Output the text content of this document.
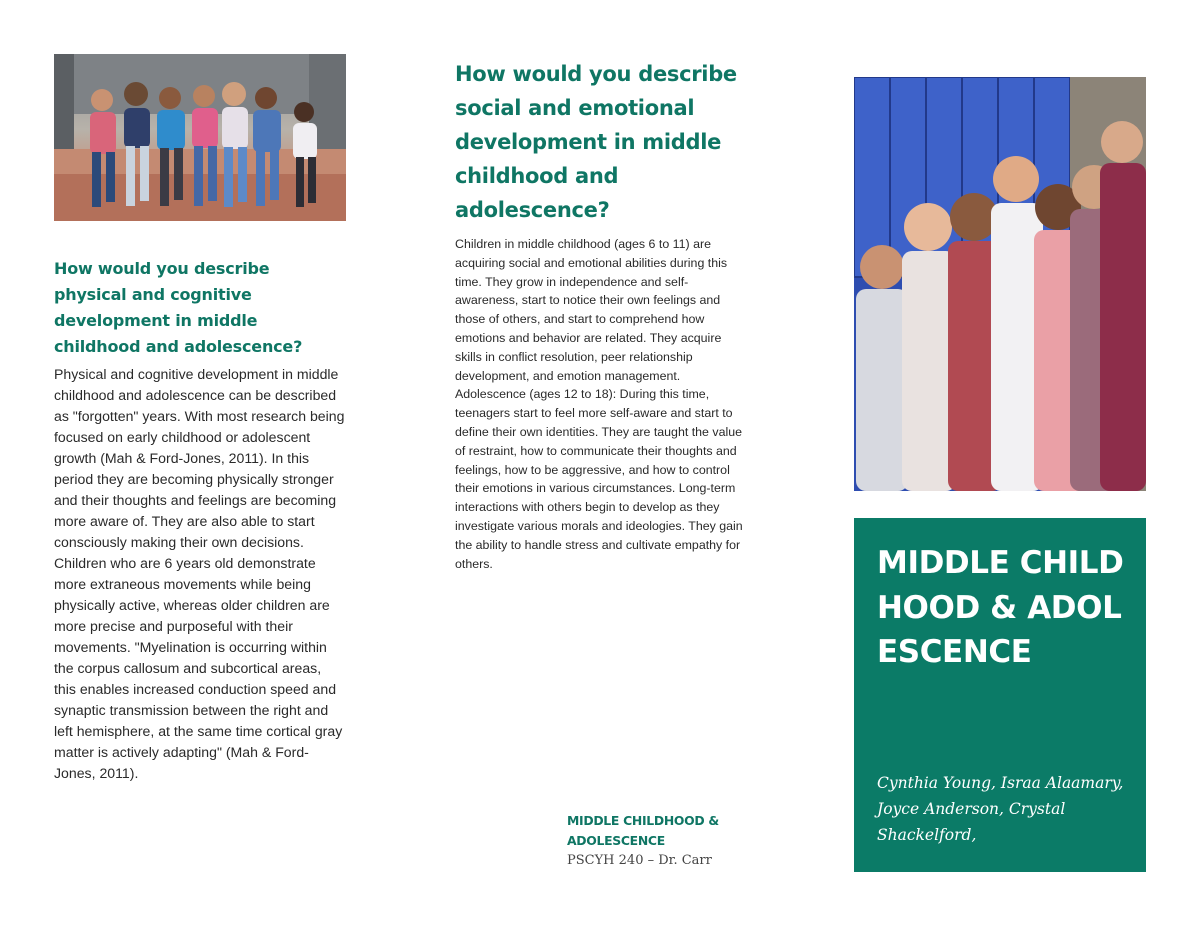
How would you describe physical and cognitive development in middle childhood and adolescence?
Physical and cognitive development in middle childhood and adolescence can be described as "forgotten" years. With most research being focused on early childhood or adolescent growth (Mah & Ford-Jones, 2011). In this period they are becoming physically stronger and their thoughts and feelings are becoming more aware of. They are also able to start consciously making their own decisions. Children who are 6 years old demonstrate more extraneous movements while being physically active, whereas older children are more precise and purposeful with their movements. "Myelination is occurring within the corpus callosum and subcortical areas, this enables increased conduction speed and synaptic transmission between the right and left hemisphere, at the same time cortical gray matter is actively adapting" (Mah & Ford-Jones, 2011).
How would you describe social and emotional development in middle childhood and adolescence?
Children in middle childhood (ages 6 to 11) are acquiring social and emotional abilities during this time. They grow in independence and self-awareness, start to notice their own feelings and those of others, and start to comprehend how emotions and behavior are related. They acquire skills in conflict resolution, peer relationship development, and emotion management. Adolescence (ages 12 to 18): During this time, teenagers start to feel more self-aware and start to define their own identities. They are taught the value of restraint, how to communicate their thoughts and feelings, how to be aggressive, and how to control their emotions in various circumstances. Long-term interactions with others begin to develop as they investigate various morals and ideologies. They gain the ability to handle stress and cultivate empathy for others.
MIDDLE CHILDHOOD & ADOLESCENCE
PSCYH 240 – Dr. Carr
MIDDLE CHILDHOOD & ADOLESCENCE
Cynthia Young, Israa Alaamary, Joyce Anderson, Crystal Shackelford,
